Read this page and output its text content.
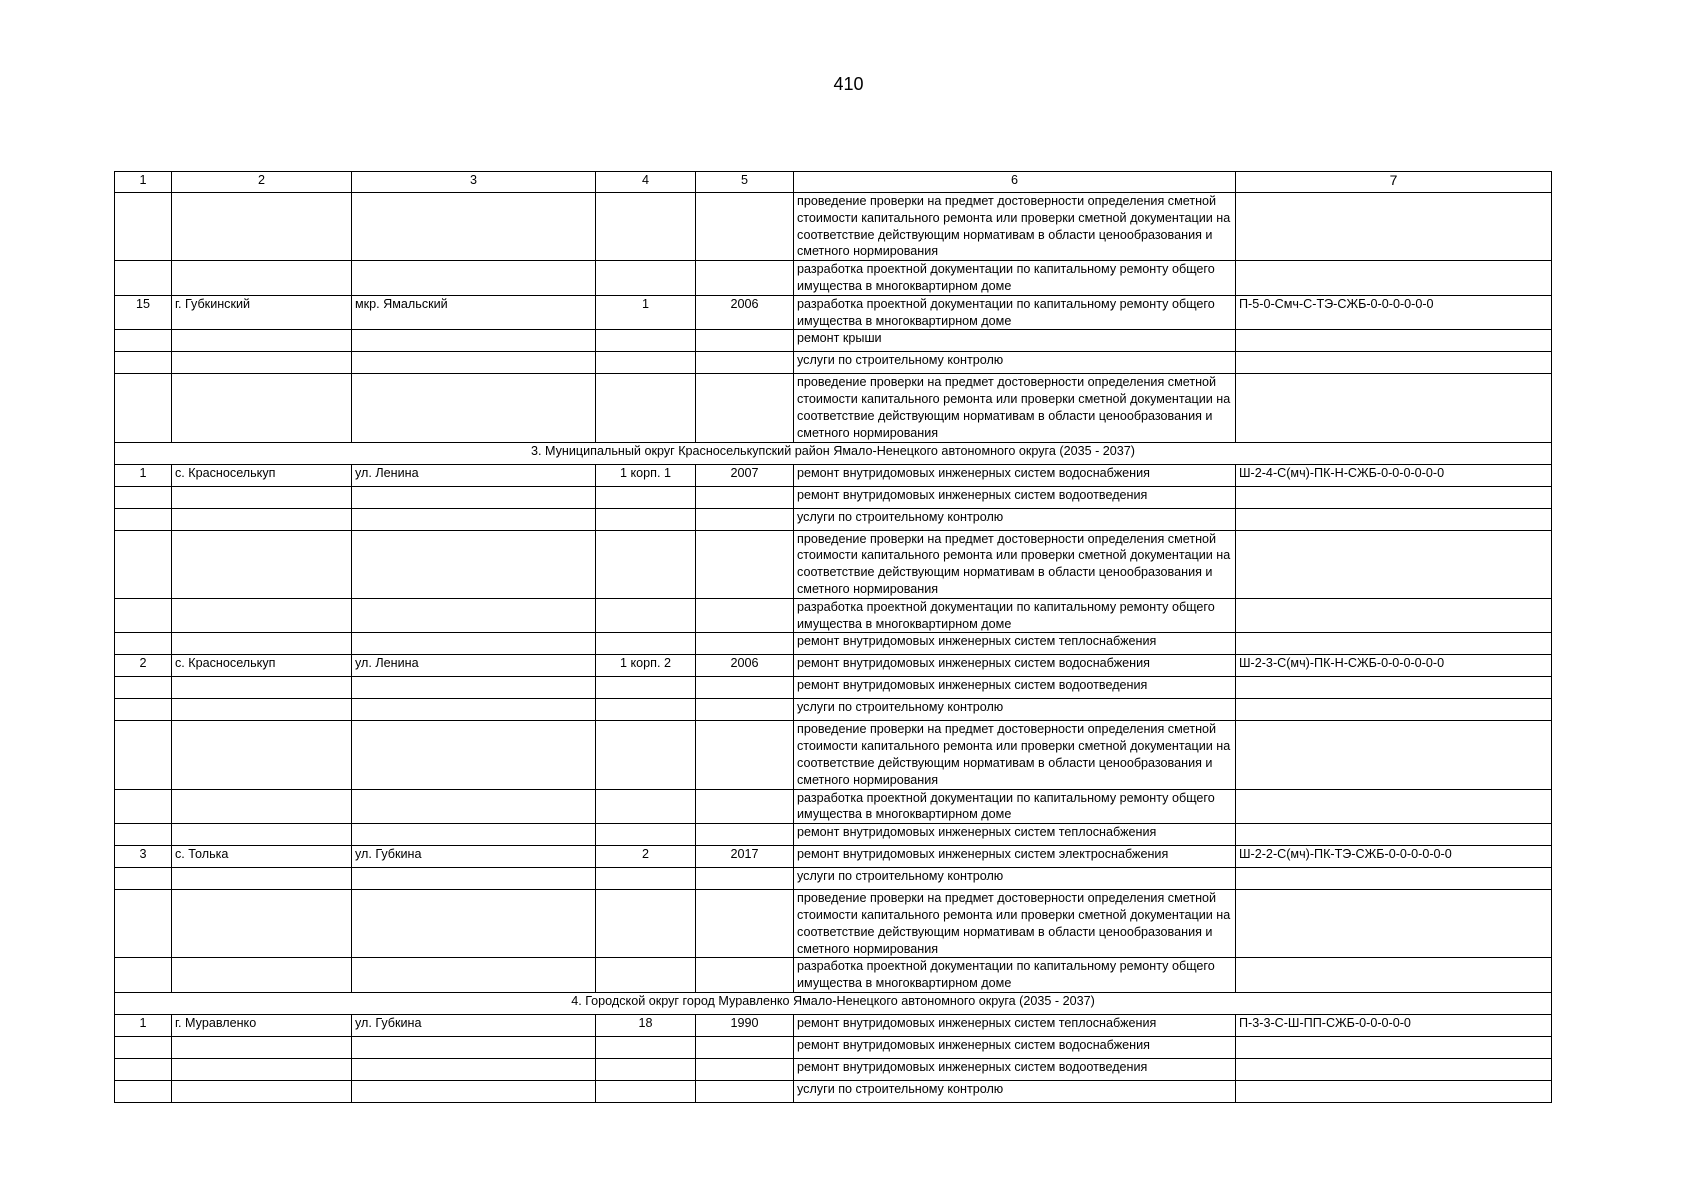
410
1	2	3	4	5	6	7
					проведение проверки на предмет достоверности определения сметной стоимости капитального ремонта или проверки сметной документации на соответствие действующим нормативам в области ценообразования и сметного нормирования	
					разработка проектной документации по капитальному ремонту общего имущества в многоквартирном доме	
15	г. Губкинский	мкр. Ямальский	1	2006	разработка проектной документации по капитальному ремонту общего имущества в многоквартирном доме	П-5-0-Смч-С-ТЭ-СЖБ-0-0-0-0-0-0
					ремонт крыши	
					услуги по строительному контролю	
					проведение проверки на предмет достоверности определения сметной стоимости капитального ремонта или проверки сметной документации на соответствие действующим нормативам в области ценообразования и сметного нормирования	
3. Муниципальный округ Красноселькупский район Ямало-Ненецкого автономного округа (2035 - 2037)						
1	с. Красноселькуп	ул. Ленина	1 корп. 1	2007	ремонт внутридомовых инженерных систем водоснабжения	Ш-2-4-С(мч)-ПК-Н-СЖБ-0-0-0-0-0-0
					ремонт внутридомовых инженерных систем водоотведения	
					услуги по строительному контролю	
					проведение проверки на предмет достоверности определения сметной стоимости капитального ремонта или проверки сметной документации на соответствие действующим нормативам в области ценообразования и сметного нормирования	
					разработка проектной документации по капитальному ремонту общего имущества в многоквартирном доме	
					ремонт внутридомовых инженерных систем теплоснабжения	
2	с. Красноселькуп	ул. Ленина	1 корп. 2	2006	ремонт внутридомовых инженерных систем водоснабжения	Ш-2-3-С(мч)-ПК-Н-СЖБ-0-0-0-0-0-0
					ремонт внутридомовых инженерных систем водоотведения	
					услуги по строительному контролю	
					проведение проверки на предмет достоверности определения сметной стоимости капитального ремонта или проверки сметной документации на соответствие действующим нормативам в области ценообразования и сметного нормирования	
					разработка проектной документации по капитальному ремонту общего имущества в многоквартирном доме	
					ремонт внутридомовых инженерных систем теплоснабжения	
3	с. Толька	ул. Губкина	2	2017	ремонт внутридомовых инженерных систем электроснабжения	Ш-2-2-С(мч)-ПК-ТЭ-СЖБ-0-0-0-0-0-0
					услуги по строительному контролю	
					проведение проверки на предмет достоверности определения сметной стоимости капитального ремонта или проверки сметной документации на соответствие действующим нормативам в области ценообразования и сметного нормирования	
					разработка проектной документации по капитальному ремонту общего имущества в многоквартирном доме	
4. Городской округ город Муравленко Ямало-Ненецкого автономного округа (2035 - 2037)						
1	г. Муравленко	ул. Губкина	18	1990	ремонт внутридомовых инженерных систем теплоснабжения	П-3-3-С-Ш-ПП-СЖБ-0-0-0-0-0
					ремонт внутридомовых инженерных систем водоснабжения	
					ремонт внутридомовых инженерных систем водоотведения	
					услуги по строительному контролю	
